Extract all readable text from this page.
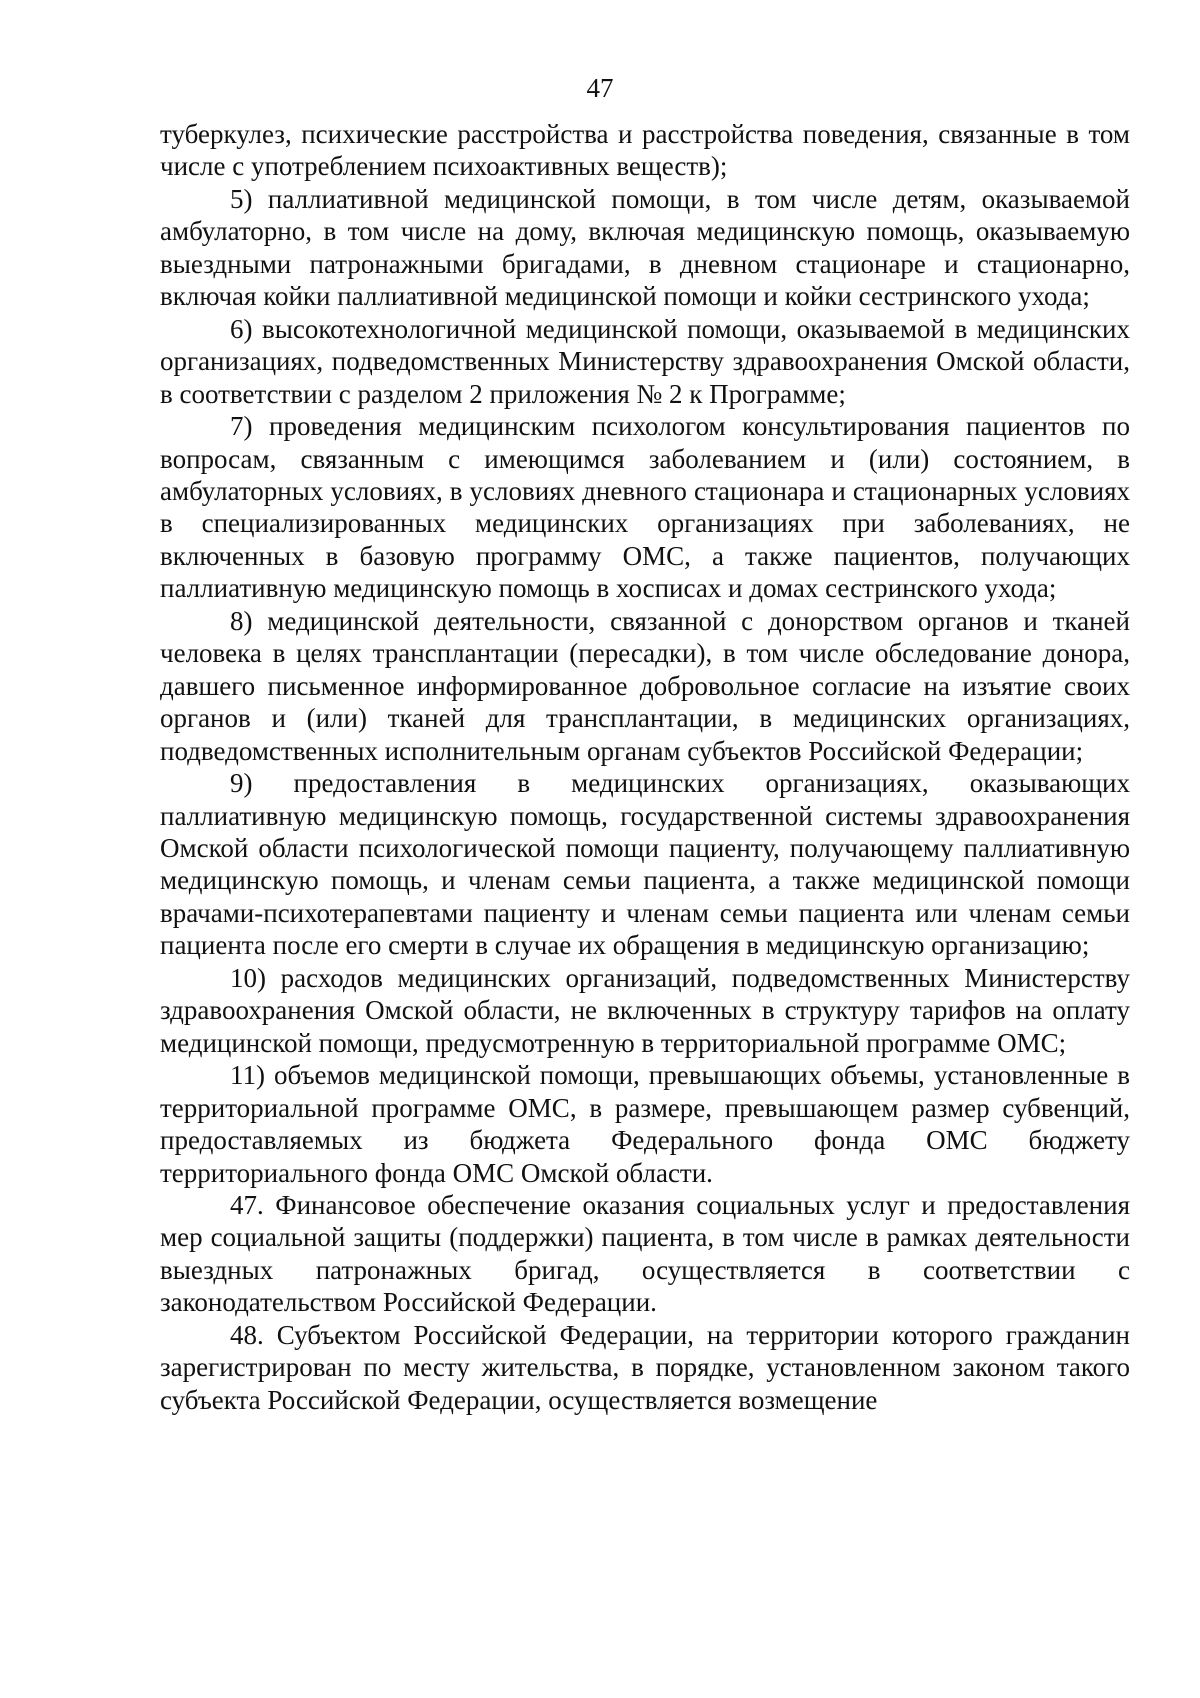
47

туберкулез, психические расстройства и расстройства поведения, связанные в том числе с употреблением психоактивных веществ);

5) паллиативной медицинской помощи, в том числе детям, оказываемой амбулаторно, в том числе на дому, включая медицинскую помощь, оказываемую выездными патронажными бригадами, в дневном стационаре и стационарно, включая койки паллиативной медицинской помощи и койки сестринского ухода;

6) высокотехнологичной медицинской помощи, оказываемой в медицинских организациях, подведомственных Министерству здравоохранения Омской области, в соответствии с разделом 2 приложения № 2 к Программе;

7) проведения медицинским психологом консультирования пациентов по вопросам, связанным с имеющимся заболеванием и (или) состоянием, в амбулаторных условиях, в условиях дневного стационара и стационарных условиях в специализированных медицинских организациях при заболеваниях, не включенных в базовую программу ОМС, а также пациентов, получающих паллиативную медицинскую помощь в хосписах и домах сестринского ухода;

8) медицинской деятельности, связанной с донорством органов и тканей человека в целях трансплантации (пересадки), в том числе обследование донора, давшего письменное информированное добровольное согласие на изъятие своих органов и (или) тканей для трансплантации, в медицинских организациях, подведомственных исполнительным органам субъектов Российской Федерации;

9) предоставления в медицинских организациях, оказывающих паллиативную медицинскую помощь, государственной системы здравоохранения Омской области психологической помощи пациенту, получающему паллиативную медицинскую помощь, и членам семьи пациента, а также медицинской помощи врачами-психотерапевтами пациенту и членам семьи пациента или членам семьи пациента после его смерти в случае их обращения в медицинскую организацию;

10) расходов медицинских организаций, подведомственных Министерству здравоохранения Омской области, не включенных в структуру тарифов на оплату медицинской помощи, предусмотренную в территориальной программе ОМС;

11) объемов медицинской помощи, превышающих объемы, установленные в территориальной программе ОМС, в размере, превышающем размер субвенций, предоставляемых из бюджета Федерального фонда ОМС бюджету территориального фонда ОМС Омской области.

47. Финансовое обеспечение оказания социальных услуг и предоставления мер социальной защиты (поддержки) пациента, в том числе в рамках деятельности выездных патронажных бригад, осуществляется в соответствии с законодательством Российской Федерации.

48. Субъектом Российской Федерации, на территории которого гражданин зарегистрирован по месту жительства, в порядке, установленном законом такого субъекта Российской Федерации, осуществляется возмещение
